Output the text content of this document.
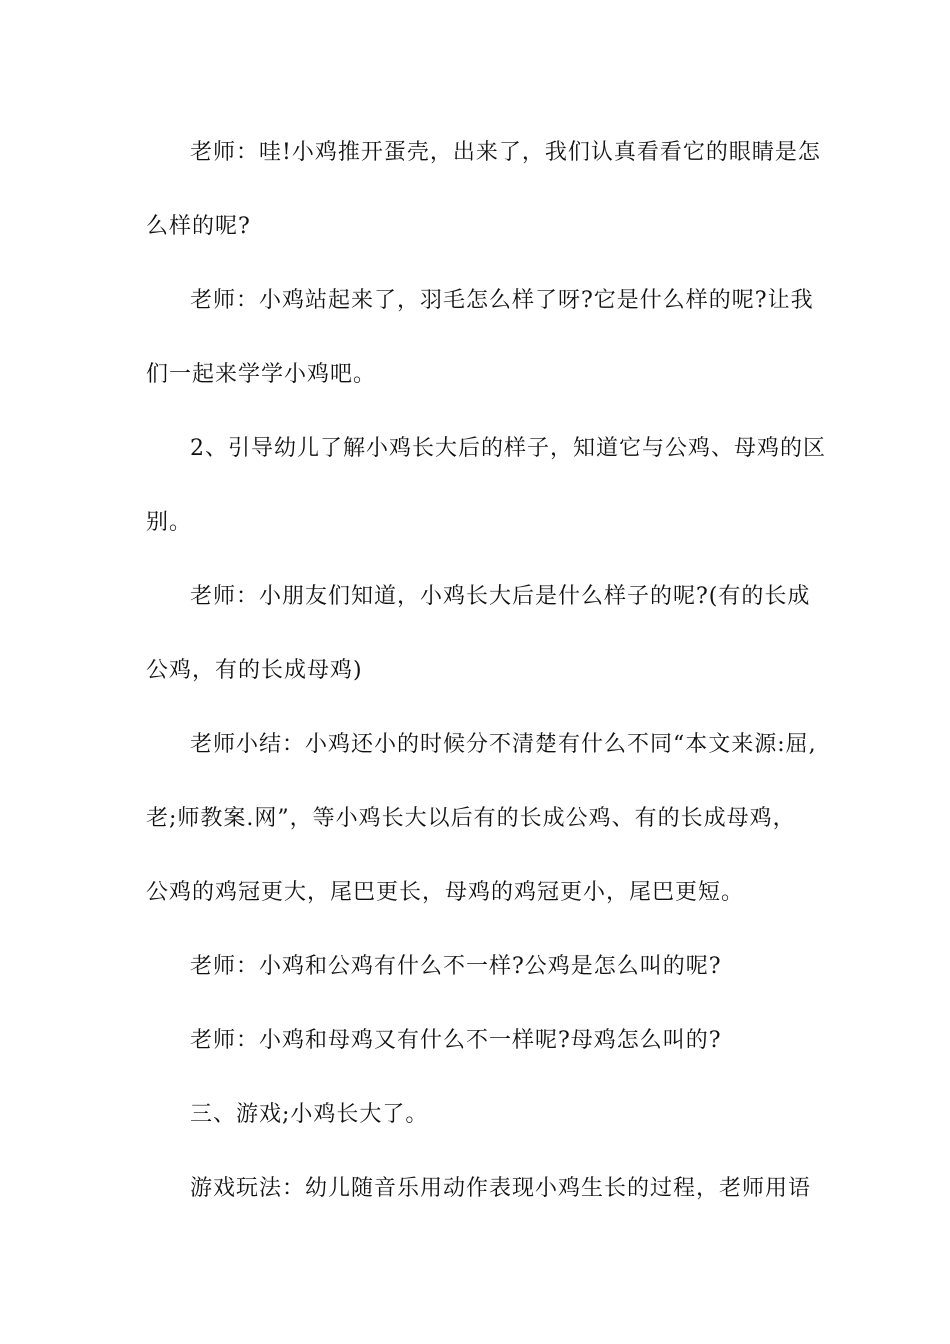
老师：哇!小鸡推开蛋壳，出来了，我们认真看看它的眼睛是怎
么样的呢?
老师：小鸡站起来了，羽毛怎么样了呀?它是什么样的呢?让我
们一起来学学小鸡吧。
2、引导幼儿了解小鸡长大后的样子，知道它与公鸡、母鸡的区
别。
老师：小朋友们知道，小鸡长大后是什么样子的呢?(有的长成
公鸡，有的长成母鸡)
老师小结：小鸡还小的时候分不清楚有什么不同“本文来源:屈,
老;师教案.网”，等小鸡长大以后有的长成公鸡、有的长成母鸡，
公鸡的鸡冠更大，尾巴更长，母鸡的鸡冠更小，尾巴更短。
老师：小鸡和公鸡有什么不一样?公鸡是怎么叫的呢?
老师：小鸡和母鸡又有什么不一样呢?母鸡怎么叫的?
三、游戏;小鸡长大了。
游戏玩法：幼儿随音乐用动作表现小鸡生长的过程，老师用语
